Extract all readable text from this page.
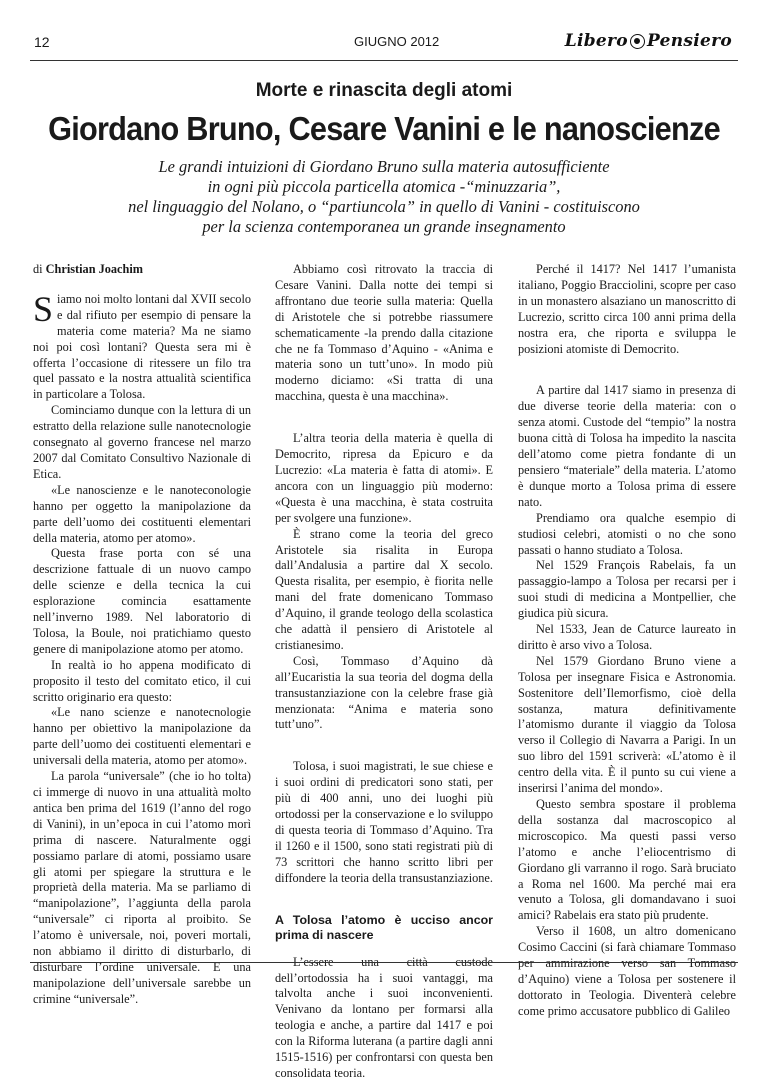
12	GIUGNO 2012	Libero Pensiero
Morte e rinascita degli atomi
Giordano Bruno, Cesare Vanini e le nanoscienze
Le grandi intuizioni di Giordano Bruno sulla materia autosufficiente
in ogni più piccola particella atomica -“minuzzaria”,
nel linguaggio del Nolano, o “partiuncola” in quello di Vanini - costituiscono
per la scienza contemporanea un grande insegnamento
di Christian Joachim

Siamo noi molto lontani dal XVII secolo e dal rifiuto per esempio di pensare la materia come materia? Ma ne siamo noi poi così lontani? Questa sera mi è offerta l’occasione di ritessere un filo tra quel passato e la nostra attualità scientifica in particolare a Tolosa.

Cominciamo dunque con la lettura di un estratto della relazione sulle nanotecnologie consegnato al governo francese nel marzo 2007 dal Comitato Consultivo Nazionale di Etica.

«Le nanoscienze e le nanoteconologie hanno per oggetto la manipolazione da parte dell’uomo dei costituenti elementari della materia, atomo per atomo».

Questa frase porta con sé una descrizione fattuale di un nuovo campo delle scienze e della tecnica la cui esplorazione comincia esattamente nell’inverno 1989. Nel laboratorio di Tolosa, la Boule, noi pratichiamo questo genere di manipolazione atomo per atomo.

In realtà io ho appena modificato di proposito il testo del comitato etico, il cui scritto originario era questo:

«Le nano scienze e nanotecnologie hanno per obiettivo la manipolazione da parte dell’uomo dei costituenti elementari e universali della materia, atomo per atomo».

La parola “universale” (che io ho tolta) ci immerge di nuovo in una attualità molto antica ben prima del 1619 (l’anno del rogo di Vanini), in un’epoca in cui l’atomo morì prima di nascere. Naturalmente oggi possiamo parlare di atomi, possiamo usare gli atomi per spiegare la struttura e le proprietà della materia. Ma se parliamo di “manipolazione”, l’aggiunta della parola “universale” ci riporta al proibito. Se l’atomo è universale, noi, poveri mortali, non abbiamo il diritto di disturbarlo, di disturbare l’ordine universale. E una manipolazione dell’universale sarebbe un crimine “universale”.

Abbiamo così ritrovato la traccia di Cesare Vanini. Dalla notte dei tempi si affrontano due teorie sulla materia: Quella di Aristotele che si potrebbe riassumere schematicamente -la prendo dalla citazione che ne fa Tommaso d’Aquino - «Anima e materia sono un tutt’uno». In modo più moderno diciamo: «Si tratta di una macchina, questa è una macchina».

L’altra teoria della materia è quella di Democrito, ripresa da Epicuro e da Lucrezio: «La materia è fatta di atomi». E ancora con un linguaggio più moderno: «Questa è una macchina, è stata costruita per svolgere una funzione».

È strano come la teoria del greco Aristotele sia risalita in Europa dall’Andalusia a partire dal X secolo. Questa risalita, per esempio, è fiorita nelle mani del frate domenicano Tommaso d’Aquino, il grande teologo della scolastica che adattà il pensiero di Aristotele al cristianesimo.

Così, Tommaso d’Aquino dà all’Eucaristia la sua teoria del dogma della transustanziazione con la celebre frase già menzionata: “Anima e materia sono tutt’uno”.

Tolosa, i suoi magistrati, le sue chiese e i suoi ordini di predicatori sono stati, per più di 400 anni, uno dei luoghi più ortodossi per la conservazione e lo sviluppo di questa teoria di Tommaso d’Aquino. Tra il 1260 e il 1500, sono stati registrati più di 73 scrittori che hanno scritto libri per diffondere la teoria della transustanziazione.

A Tolosa l’atomo è ucciso ancor prima di nascere

L’essere una città custode dell’ortodossia ha i suoi vantaggi, ma talvolta anche i suoi inconvenienti. Venivano da lontano per formarsi alla teologia e anche, a partire dal 1417 e poi con la Riforma luterana (a partire dagli anni 1515-1516) per confrontarsi con questa ben consolidata teoria.

Perché il 1417? Nel 1417 l’umanista italiano, Poggio Bracciolini, scopre per caso in un monastero alsaziano un manoscritto di Lucrezio, scritto circa 100 anni prima della nostra era, che riporta e sviluppa le posizioni atomiste di Democrito.

A partire dal 1417 siamo in presenza di due diverse teorie della materia: con o senza atomi. Custode del “tempio” la nostra buona città di Tolosa ha impedito la nascita dell’atomo come pietra fondante di un pensiero “materiale” della materia. L’atomo è dunque morto a Tolosa prima di essere nato.

Prendiamo ora qualche esempio di studiosi celebri, atomisti o no che sono passati o hanno studiato a Tolosa.

Nel 1529 François Rabelais, fa un passaggio-lampo a Tolosa per recarsi per i suoi studi di medicina a Montpellier, che giudica più sicura.

Nel 1533, Jean de Caturce laureato in diritto è arso vivo a Tolosa.

Nel 1579 Giordano Bruno viene a Tolosa per insegnare Fisica e Astronomia. Sostenitore dell’Ilemorfismo, cioè della sostanza, matura definitivamente l’atomismo durante il viaggio da Tolosa verso il Collegio di Navarra a Parigi. In un suo libro del 1591 scriverà: «L’atomo è il centro della vita. È il punto su cui viene a inserirsi l’anima del mondo».

Questo sembra spostare il problema della sostanza dal macroscopico al microscopico. Ma questi passi verso l’atomo e anche l’eliocentrismo di Giordano gli varranno il rogo. Sarà bruciato a Roma nel 1600. Ma perché mai era venuto a Tolosa, gli domandavano i suoi amici? Rabelais era stato più prudente.

Verso il 1608, un altro domenicano Cosimo Caccini (si farà chiamare Tommaso per ammirazione verso san Tommaso d’Aquino) viene a Tolosa per sostenere il dottorato in Teologia. Diventerà celebre come primo accusatore pubblico di Galileo
